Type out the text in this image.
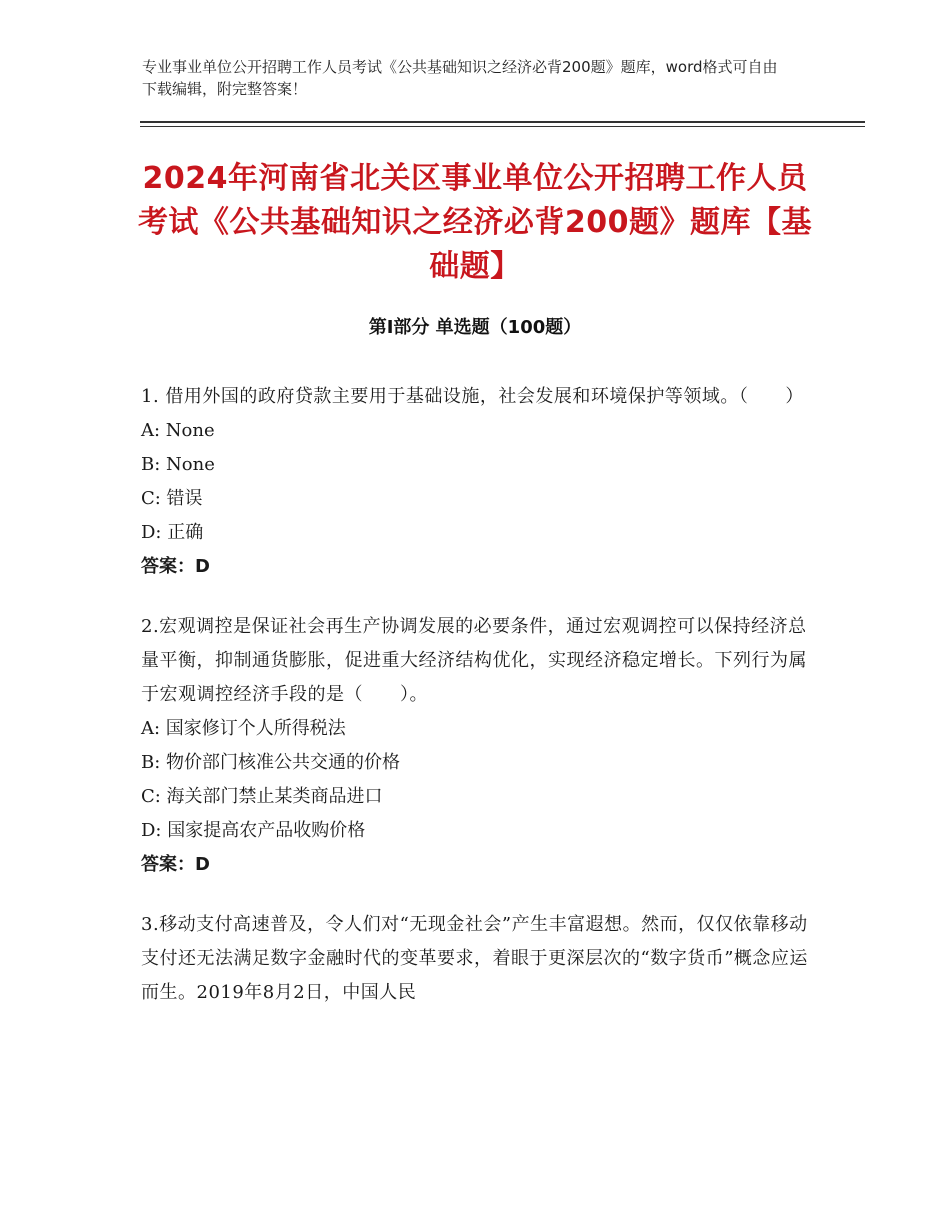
专业事业单位公开招聘工作人员考试《公共基础知识之经济必背200题》题库，word格式可自由下载编辑，附完整答案！
2024年河南省北关区事业单位公开招聘工作人员考试《公共基础知识之经济必背200题》题库【基础题】
第Ⅰ部分 单选题（100题）
1. 借用外国的政府贷款主要用于基础设施，社会发展和环境保护等领域。（　　）
A: None
B: None
C: 错误
D: 正确
答案：D
2.宏观调控是保证社会再生产协调发展的必要条件，通过宏观调控可以保持经济总量平衡，抑制通货膨胀，促进重大经济结构优化，实现经济稳定增长。下列行为属于宏观调控经济手段的是（　　）。
A: 国家修订个人所得税法
B: 物价部门核准公共交通的价格
C: 海关部门禁止某类商品进口
D: 国家提高农产品收购价格
答案：D
3.移动支付高速普及，令人们对“无现金社会”产生丰富遐想。然而，仅仅依靠移动支付还无法满足数字金融时代的变革要求，着眼于更深层次的“数字货币”概念应运而生。2019年8月2日，中国人民
